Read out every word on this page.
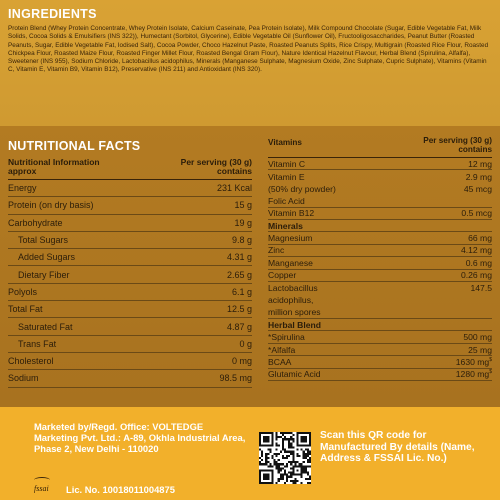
INGREDIENTS

Protein Blend (Whey Protein Concentrate, Whey Protein Isolate, Calcium Caseinate, Pea Protein Isolate), Milk Compound Chocolate (Sugar, Edible Vegetable Fat, Milk Solids, Cocoa Solids & Emulsifiers (INS 322)), Humectant (Sorbitol, Glycerine), Edible Vegetable Oil (Sunflower Oil), Fructooligosaccharides, Peanut Butter (Roasted Peanuts, Sugar, Edible Vegetable Fat, Iodised Salt), Cocoa Powder, Choco Hazelnut Paste, Roasted Peanuts Splits, Rice Crispy, Multigrain (Roasted Rice Flour, Roasted Chickpea Flour, Roasted Maize Flour, Roasted Finger Millet Flour, Roasted Bengal Gram Flour), Nature Identical Hazelnut Flavour, Herbal Blend (Spirulina, Alfalfa), Sweetener (INS 955), Sodium Chloride, Lactobacillus acidophilus, Minerals (Manganese Sulphate, Magnesium Oxide, Zinc Sulphate, Cupric Sulphate), Vitamins (Vitamin C, Vitamin E, Vitamin B9, Vitamin B12), Preservative (INS 211) and Antioxidant (INS 320).

NUTRITIONAL FACTS
Nutritional Information approx
Per serving (30 g) contains
Energy	231 Kcal
Protein (on dry basis)	15 g
Carbohydrate	19 g
Total Sugars	9.8 g
Added Sugars	4.31 g
Dietary Fiber	2.65 g
Polyols	6.1 g
Total Fat	12.5 g
Saturated Fat	4.87 g
Trans Fat	0 g
Cholesterol	0 mg
Sodium	98.5 mg
Vitamins	Per serving (30 g) contains
Vitamin C	12 mg
Vitamin E	2.9 mg
(50% dry powder)	45 mcg
Folic Acid
Vitamin B12	0.5 mcg
Minerals
Magnesium	66 mg
Zinc	4.12 mg
Manganese	0.6 mg
Copper	0.26 mg
Lactobacillus	147.5
acidophilus,
million spores
Herbal Blend
*Spirulina	500 mg
*Alfalfa	25 mg
BCAA	1630 mg$
Glutamic Acid	1280 mg$
Marketed by/Regd. Office: VOLTEDGE Marketing Pvt. Ltd.: A-89, Okhla Industrial Area, Phase 2, New Delhi - 110020
fssai Lic. No. 10018011004875
Scan this QR code for Manufactured By details (Name, Address & FSSAI Lic. No.)
